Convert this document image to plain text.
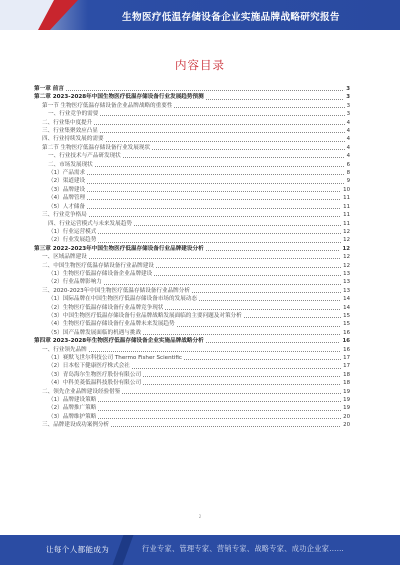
生物医疗低温存储设备企业实施品牌战略研究报告
内容目录
第一章 前言	3
第二章 2023-2028年中国生物医疗低温存储设备行业发展趋势预测	3
第一节 生物医疗低温存储设备企业品牌战略的重要性	3
一、行业竞争的需要	3
二、行业集中度提升	4
三、行业集聚效应凸显	4
四、行业持续发展的需要	4
第二节 生物医疗低温存储设备行业发展现状	4
一、行业技术与产品研发现状	4
二、市场发展现状	6
（1）产品需求	8
（2）渠道建设	9
（3）品牌建设	10
（4）品牌管理	11
（5）人才储备	11
三、行业竞争格局	11
四、行业运营模式与未来发展趋势	11
（1）行业运营模式	12
（2）行业发展趋势	12
第三章 2022-2023年中国生物医疗低温存储设备行业品牌建设分析	12
一、区域品牌建设	12
二、中国生物医疗低温存储设备行业品牌建设	12
（1）生物医疗低温存储设备企业品牌建设	13
（2）行业品牌影响力	13
三、2020-2023年中国生物医疗低温存储设备行业品牌分析	13
（1）国际品牌在中国生物医疗低温存储设备市场的发展动态	14
（2）生物医疗低温存储设备行业品牌竞争现状	14
（3）中国生物医疗低温存储设备行业品牌战略发展面临的主要问题及对策分析	15
（4）生物医疗低温存储设备行业品牌未来发展趋势	15
（5）国产品牌发展面临的机遇与挑战	16
第四章 2023-2028年生物医疗低温存储设备企业实施品牌战略分析	16
一、行业领先品牌	16
（1）赛默飞世尔科技公司 Thermo Fisher Scientific	17
（2）日本松下健康医疗株式会社	17
（3）青岛海尔生物医疗股份有限公司	18
（4）中科美菱低温科技股份有限公司	18
二、领先企业品牌建设经验借鉴	19
（1）品牌建设策略	19
（2）品牌推广策略	19
（3）品牌维护策略	20
三、品牌建设成功案例分析	20
2
让每个人都能成为	行业专家、管理专家、营销专家、战略专家、成功企业家……
